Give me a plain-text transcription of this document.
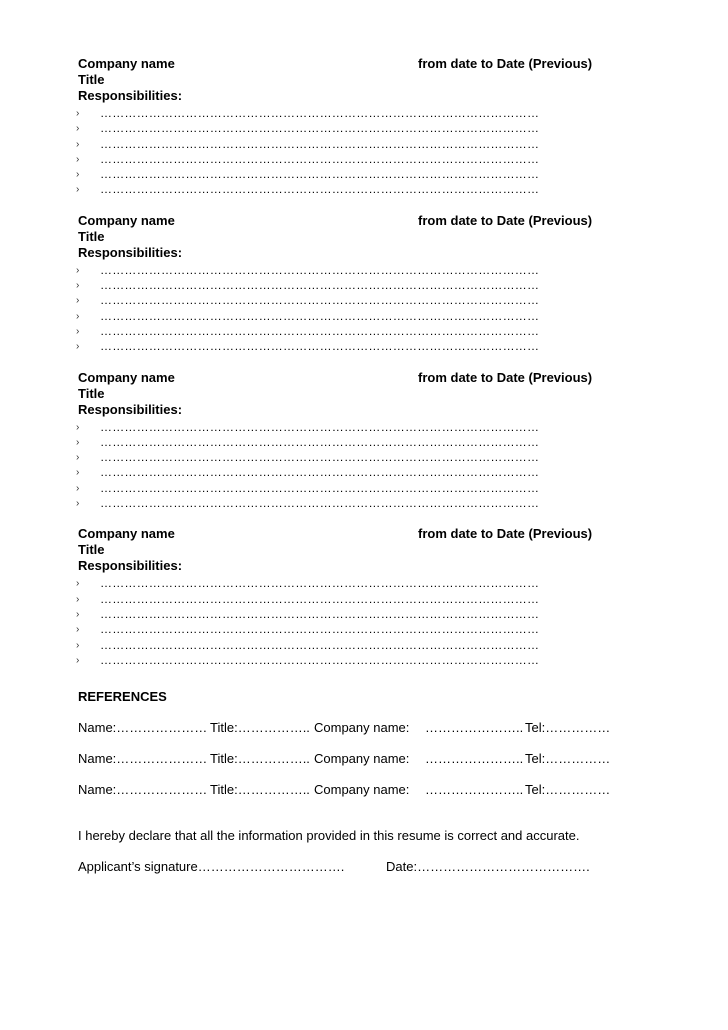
Company name	from date to Date (Previous)
Title
Responsibilities:
› ………………………………………………………………………………………………
› ………………………………………………………………………………………………
› ………………………………………………………………………………………………
› ………………………………………………………………………………………………
› ………………………………………………………………………………………………
› ………………………………………………………………………………………………
Company name	from date to Date (Previous)
Title
Responsibilities:
› ………………………………………………………………………………………………
› ………………………………………………………………………………………………
› ………………………………………………………………………………………………
› ………………………………………………………………………………………………
› ………………………………………………………………………………………………
› ………………………………………………………………………………………………
Company name	from date to Date (Previous)
Title
Responsibilities:
› ………………………………………………………………………………………………
› ………………………………………………………………………………………………
› ………………………………………………………………………………………………
› ………………………………………………………………………………………………
› ………………………………………………………………………………………………
› ………………………………………………………………………………………………
Company name	from date to Date (Previous)
Title
Responsibilities:
› ………………………………………………………………………………………………
› ………………………………………………………………………………………………
› ………………………………………………………………………………………………
› ………………………………………………………………………………………………
› ………………………………………………………………………………………………
› ………………………………………………………………………………………………
REFERENCES
Name:………………… Title:…………….. Company name: ………………….. Tel:……………
Name:………………… Title:…………….. Company name: ………………….. Tel:……………
Name:………………… Title:…………….. Company name: ………………….. Tel:……………
I hereby declare that all the information provided in this resume is correct and accurate.
Applicant’s signature…………………………….	Date:………………………………….
